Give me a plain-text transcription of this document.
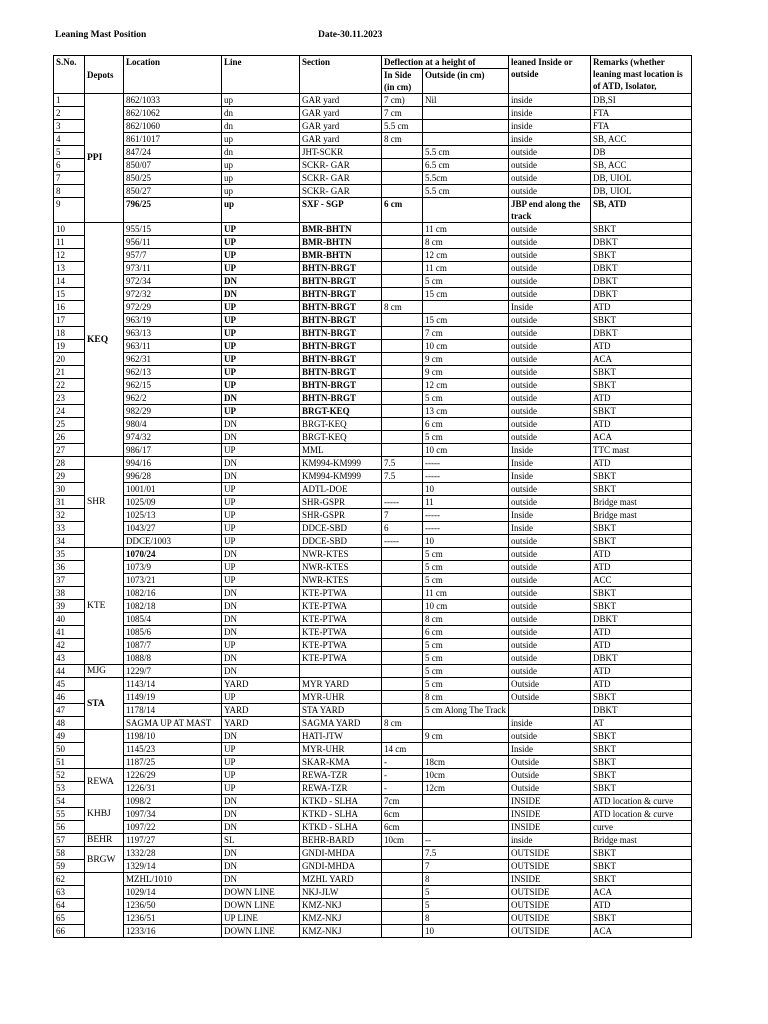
Leaning Mast Position	Date-30.11.2023
S.No.	Depots	Location	Line	Section	Deflection at a height of		leaned Inside or outside	Remarks (whether leaning mast location is of ATD, Isolator,
					In Side (in cm)	Outside (in cm)		

1	PPI	862/1033	up	GAR yard	7 cm)	Nil	inside	DB,SI
2		862/1062	dn	GAR yard	7 cm		inside	FTA
3		862/1060	dn	GAR yard	5.5 cm		inside	FTA
4		861/1017	up	GAR yard	8 cm		inside	SB, ACC
5		847/24	dn	JHT-SCKR		5.5 cm	outside	DB
6		850/07	up	SCKR- GAR		6.5 cm	outside	SB, ACC
7		850/25	up	SCKR- GAR		5.5cm	outside	DB, UIOL
8		850/27	up	SCKR- GAR		5.5 cm	outside	DB, UIOL
9		796/25	up	SXF - SGP	6 cm		JBP end along the track	SB, ATD
10	KEQ	955/15	UP	BMR-BHTN		11 cm	outside	SBKT
11		956/11	UP	BMR-BHTN		8 cm	outside	DBKT
12		957/7	UP	BMR-BHTN		12 cm	outside	SBKT
13		973/11	UP	BHTN-BRGT		11 cm	outside	DBKT
14		972/34	DN	BHTN-BRGT		5 cm	outside	DBKT
15		972/32	DN	BHTN-BRGT		15 cm	outside	DBKT
16		972/29	UP	BHTN-BRGT	8 cm		Inside	ATD
17		963/19	UP	BHTN-BRGT		15 cm	outside	SBKT
18		963/13	UP	BHTN-BRGT		7 cm	outside	DBKT
19		963/11	UP	BHTN-BRGT		10 cm	outside	ATD
20		962/31	UP	BHTN-BRGT		9 cm	outside	ACA
21		962/13	UP	BHTN-BRGT		9 cm	outside	SBKT
22		962/15	UP	BHTN-BRGT		12 cm	outside	SBKT
23		962/2	DN	BHTN-BRGT		5 cm	outside	ATD
24		982/29	UP	BRGT-KEQ		13 cm	outside	SBKT
25		980/4	DN	BRGT-KEQ		6 cm	outside	ATD
26		974/32	DN	BRGT-KEQ		5 cm	outside	ACA
27		986/17	UP	MML		10 cm	Inside	TTC mast
28	SHR	994/16	DN	KM994-KM999	7.5	-----	Inside	ATD
29		996/28	DN	KM994-KM999	7.5	-----	Inside	SBKT
30		1001/01	UP	ADTL-DOE		10	outside	SBKT
31		1025/09	UP	SHR-GSPR	-----	11	outside	Bridge mast
32		1025/13	UP	SHR-GSPR	7	-----	Inside	Bridge mast
33		1043/27	UP	DDCE-SBD	6	-----	Inside	SBKT
34		DDCE/1003	UP	DDCE-SBD	-----	10	outside	SBKT
35	KTE	1070/24	DN	NWR-KTES		5 cm	outside	ATD
36		1073/9	UP	NWR-KTES		5 cm	outside	ATD
37		1073/21	UP	NWR-KTES		5 cm	outside	ACC
38		1082/16	DN	KTE-PTWA		11 cm	outside	SBKT
39		1082/18	DN	KTE-PTWA		10 cm	outside	SBKT
40		1085/4	DN	KTE-PTWA		8 cm	outside	DBKT
41		1085/6	DN	KTE-PTWA		6 cm	outside	ATD
42		1087/7	UP	KTE-PTWA		5 cm	outside	ATD
43		1088/8	DN	KTE-PTWA		5 cm	outside	DBKT
44	MJG	1229/7	DN			5 cm	outside	ATD
45	STA	1143/14	YARD	MYR YARD		5 cm	Outside	ATD
46		1149/19	UP	MYR-UHR		8 cm	Outside	SBKT
47		1178/14	YARD	STA YARD		5 cm Along The Track		DBKT
48		SAGMA UP AT MAST	YARD	SAGMA YARD	8 cm		inside	AT
49		1198/10	DN	HATI-JTW		9 cm	outside	SBKT
50		1145/23	UP	MYR-UHR	14 cm		Inside	SBKT
51		1187/25	UP	SKAR-KMA	-	18cm	Outside	SBKT
52	REWA	1226/29	UP	REWA-TZR	-	10cm	Outside	SBKT
53		1226/31	UP	REWA-TZR	-	12cm	Outside	SBKT
54	KHBJ	1098/2	DN	KTKD - SLHA	7cm		INSIDE	ATD location & curve
55		1097/34	DN	KTKD - SLHA	6cm		INSIDE	ATD location & curve
56		1097/22	DN	KTKD - SLHA	6cm		INSIDE	curve
57	BEHR	1197/27	SL	BEHR-BARD	10cm	--	inside	Bridge mast
58	BRGW	1332/28	DN	GNDI-MHDA		7.5	OUTSIDE	SBKT
59		1329/14	DN	GNDI-MHDA		7	OUTSIDE	SBKT
62		MZHL/1010	DN	MZHL YARD		8	INSIDE	SBKT
63		1029/14	DOWN LINE	NKJ-JLW		5	OUTSIDE	ACA
64		1236/50	DOWN LINE	KMZ-NKJ		5	OUTSIDE	ATD
65		1236/51	UP LINE	KMZ-NKJ		8	OUTSIDE	SBKT
66		1233/16	DOWN LINE	KMZ-NKJ		10	OUTSIDE	ACA
